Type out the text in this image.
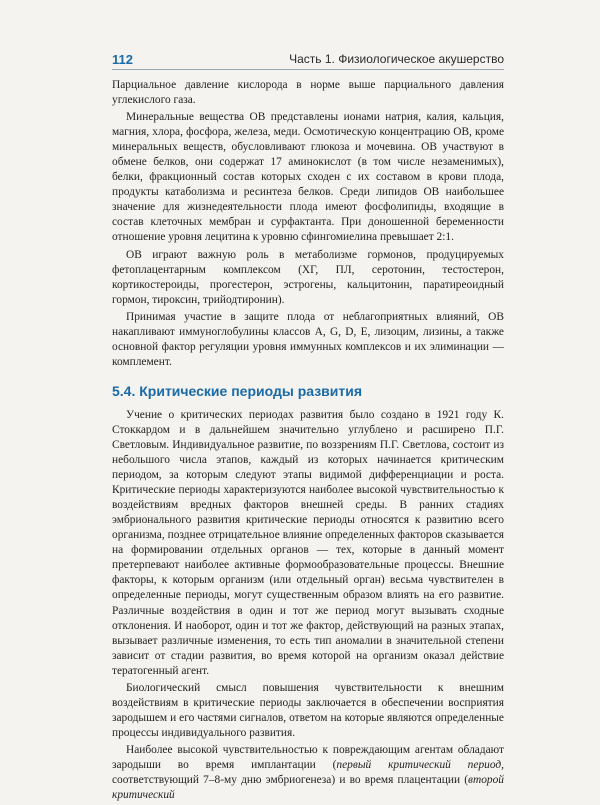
112	Часть 1. Физиологическое акушерство

Парциальное давление кислорода в норме выше парциального давления углекислого газа.

Минеральные вещества ОВ представлены ионами натрия, калия, кальция, магния, хлора, фосфора, железа, меди. Осмотическую концентрацию ОВ, кроме минеральных веществ, обусловливают глюкоза и мочевина. ОВ участвуют в обмене белков, они содержат 17 аминокислот (в том числе незаменимых), белки, фракционный состав которых сходен с их составом в крови плода, продукты катаболизма и ресинтеза белков. Среди липидов ОВ наибольшее значение для жизнедеятельности плода имеют фосфолипиды, входящие в состав клеточных мембран и сурфактанта. При доношенной беременности отношение уровня лецитина к уровню сфингомиелина превышает 2:1.

ОВ играют важную роль в метаболизме гормонов, продуцируемых фетоплацентарным комплексом (ХГ, ПЛ, серотонин, тестостерон, кортикостероиды, прогестерон, эстрогены, кальцитонин, паратиреоидный гормон, тироксин, трийодтиронин).

Принимая участие в защите плода от неблагоприятных влияний, ОВ накапливают иммуноглобулины классов A, G, D, E, лизоцим, лизины, а также основной фактор регуляции уровня иммунных комплексов и их элиминации — комплемент.

5.4. Критические периоды развития

Учение о критических периодах развития было создано в 1921 году К. Стоккардом и в дальнейшем значительно углублено и расширено П.Г. Светловым. Индивидуальное развитие, по воззрениям П.Г. Светлова, состоит из небольшого числа этапов, каждый из которых начинается критическим периодом, за которым следуют этапы видимой дифференциации и роста. Критические периоды характеризуются наиболее высокой чувствительностью к воздействиям вредных факторов внешней среды. В ранних стадиях эмбрионального развития критические периоды относятся к развитию всего организма, позднее отрицательное влияние определенных факторов сказывается на формировании отдельных органов — тех, которые в данный момент претерпевают наиболее активные формообразовательные процессы. Внешние факторы, к которым организм (или отдельный орган) весьма чувствителен в определенные периоды, могут существенным образом влиять на его развитие. Различные воздействия в один и тот же период могут вызывать сходные отклонения. И наоборот, один и тот же фактор, действующий на разных этапах, вызывает различные изменения, то есть тип аномалии в значительной степени зависит от стадии развития, во время которой на организм оказал действие тератогенный агент.

Биологический смысл повышения чувствительности к внешним воздействиям в критические периоды заключается в обеспечении восприятия зародышем и его частями сигналов, ответом на которые являются определенные процессы индивидуального развития.

Наиболее высокой чувствительностью к повреждающим агентам обладают зародыши во время имплантации (первый критический период, соответствующий 7–8-му дню эмбриогенеза) и во время плацентации (второй критический
